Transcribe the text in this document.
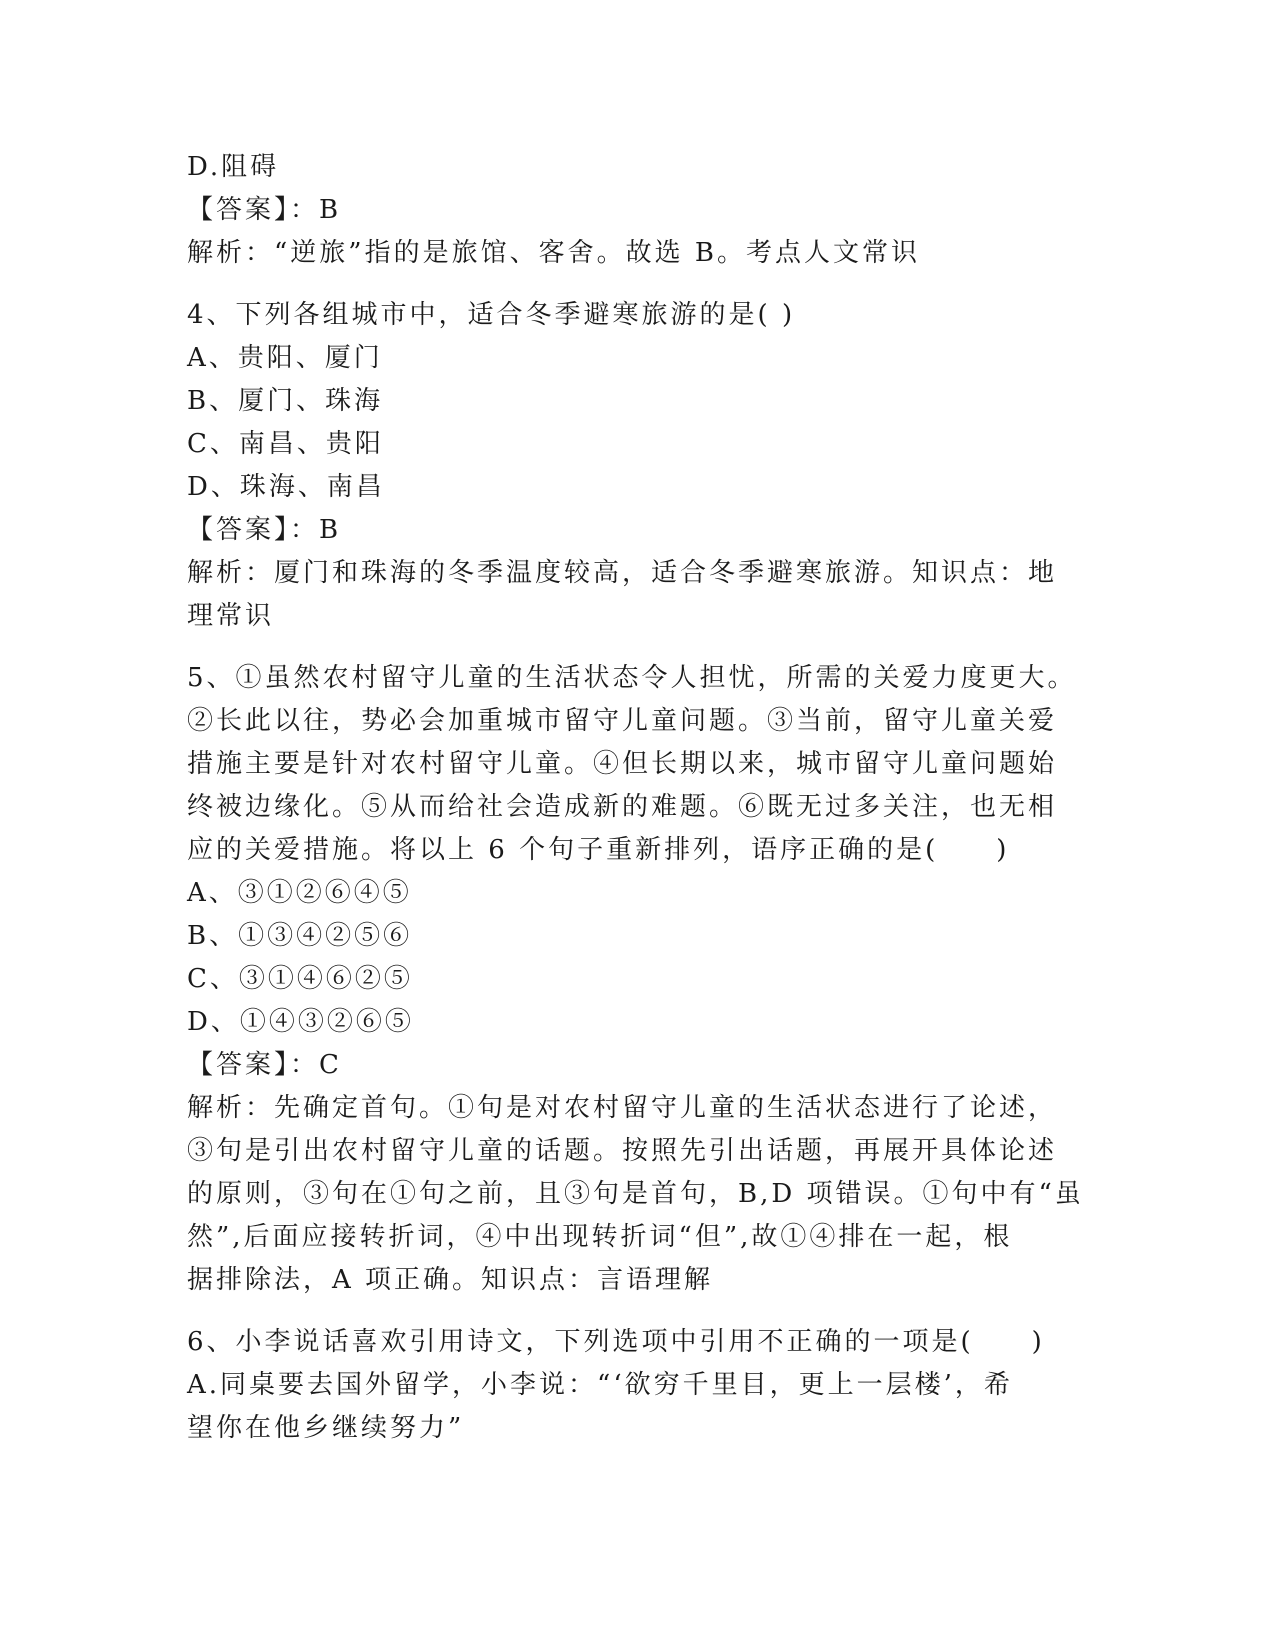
D.阻碍
【答案】：B
解析：“逆旅”指的是旅馆、客舍。故选 B。考点人文常识
4、下列各组城市中，适合冬季避寒旅游的是( )
A、贵阳、厦门
B、厦门、珠海
C、南昌、贵阳
D、珠海、南昌
【答案】：B
解析：厦门和珠海的冬季温度较高，适合冬季避寒旅游。知识点：地
理常识
5、①虽然农村留守儿童的生活状态令人担忧，所需的关爱力度更大。
②长此以往，势必会加重城市留守儿童问题。③当前，留守儿童关爱
措施主要是针对农村留守儿童。④但长期以来，城市留守儿童问题始
终被边缘化。⑤从而给社会造成新的难题。⑥既无过多关注，也无相
应的关爱措施。将以上 6 个句子重新排列，语序正确的是(　　)
A、③①②⑥④⑤
B、①③④②⑤⑥
C、③①④⑥②⑤
D、①④③②⑥⑤
【答案】：C
解析：先确定首句。①句是对农村留守儿童的生活状态进行了论述，
③句是引出农村留守儿童的话题。按照先引出话题，再展开具体论述
的原则，③句在①句之前，且③句是首句，B,D 项错误。①句中有“虽
然”,后面应接转折词，④中出现转折词“但”,故①④排在一起，根
据排除法，A 项正确。知识点：言语理解
6、小李说话喜欢引用诗文，下列选项中引用不正确的一项是(　　)
A.同桌要去国外留学，小李说：“‘欲穷千里目，更上一层楼’，希
望你在他乡继续努力”
